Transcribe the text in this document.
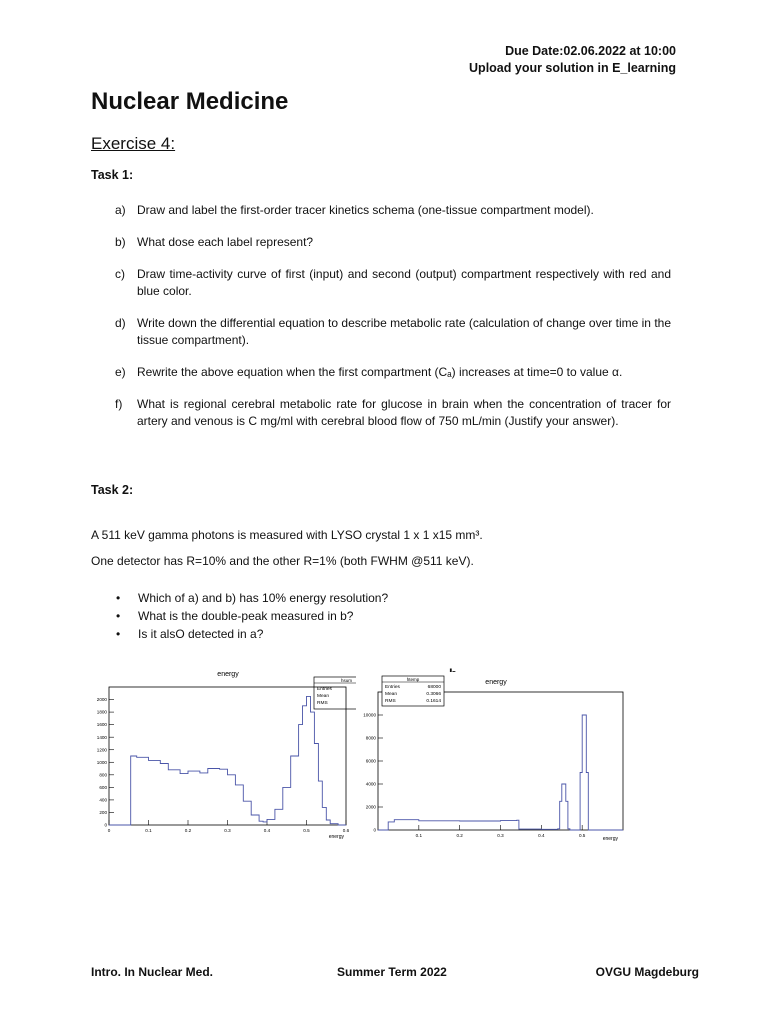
Due Date:02.06.2022 at 10:00
Upload your solution in E_learning
Nuclear Medicine
Exercise 4:

Task 1:

a) Draw and label the first-order tracer kinetics schema (one-tissue compartment model).
b) What dose each label represent?
c)	Draw time-activity curve of first (input) and second (output) compartment respectively with red and blue color.
d) Write down the differential equation to describe metabolic rate (calculation of change over time in the tissue compartment).
e) Rewrite the above equation when the first compartment (Cₐ) increases at time=0 to value α.
f)	What is regional cerebral metabolic rate for glucose in brain when the concentration of tracer for artery and venous is C mg/ml with cerebral blood flow of 750 mL/min (Justify your answer).

Task 2:

A 511 keV gamma photons is measured with LYSO crystal 1 x 1 x15 mm³.

One detector has R=10% and the other R=1% (both FWHM @511 keV).

•	Which of a) and b) has 10% energy resolution?
•	What is the double-peak measured in b?
•	Is it alsO detected in a?
energy
hsum
Entries
Mean
RMS
0
200
400
600
800
1000
1200
1400
1600
1800
2000
0	0.1	0.2	0.3	0.4	0.5	0.6
energy
energy
0
2000
4000
6000
8000
10000
0.1	0.2	0.3	0.4	0.5
htemp
Entries	68000
Mean	0.3066
RMS	0.1614
energy
Intro. In Nuclear Med.	Summer Term 2022	OVGU Magdeburg
